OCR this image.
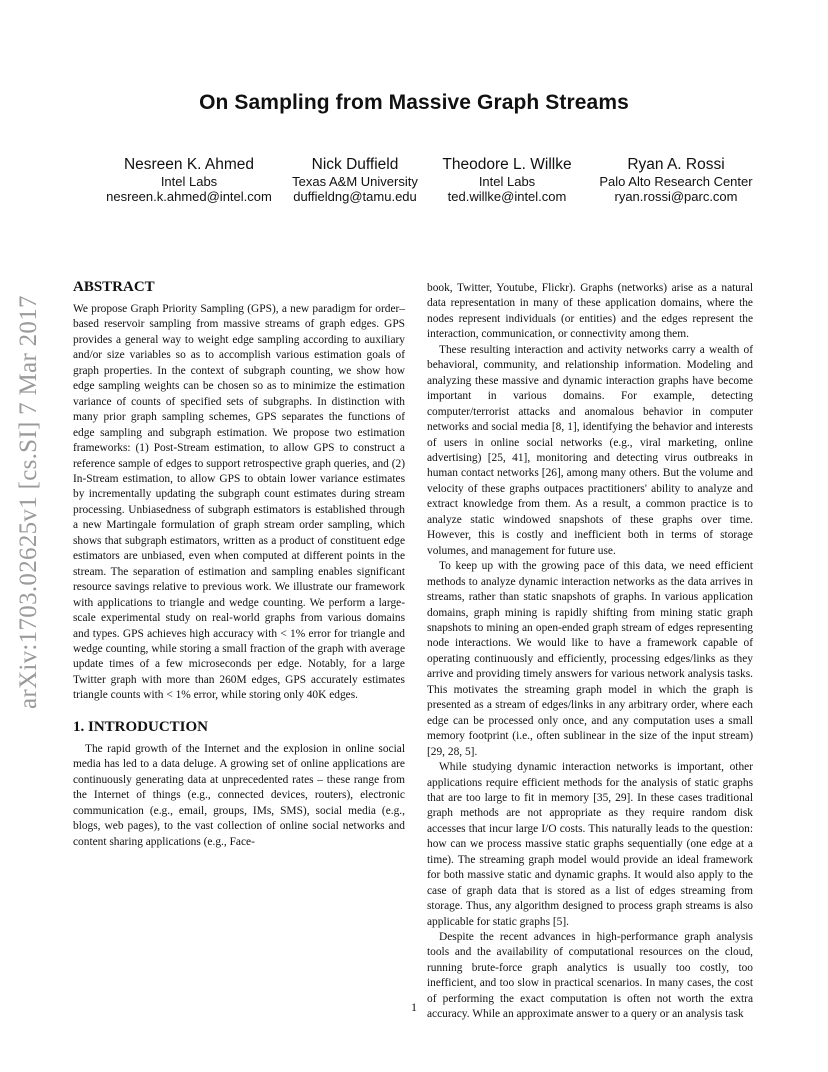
On Sampling from Massive Graph Streams
Nesreen K. Ahmed
Intel Labs
nesreen.k.ahmed@intel.com
Nick Duffield
Texas A&M University
duffieldng@tamu.edu
Theodore L. Willke
Intel Labs
ted.willke@intel.com
Ryan A. Rossi
Palo Alto Research Center
ryan.rossi@parc.com
arXiv:1703.02625v1 [cs.SI] 7 Mar 2017
ABSTRACT

We propose Graph Priority Sampling (GPS), a new paradigm for order–based reservoir sampling from massive streams of graph edges. GPS provides a general way to weight edge sampling according to auxiliary and/or size variables so as to accomplish various estimation goals of graph properties. In the context of subgraph counting, we show how edge sampling weights can be chosen so as to minimize the estimation variance of counts of specified sets of subgraphs. In distinction with many prior graph sampling schemes, GPS separates the functions of edge sampling and subgraph estimation. We propose two estimation frameworks: (1) Post-Stream estimation, to allow GPS to construct a reference sample of edges to support retrospective graph queries, and (2) In-Stream estimation, to allow GPS to obtain lower variance estimates by incrementally updating the subgraph count estimates during stream processing. Unbiasedness of subgraph estimators is established through a new Martingale formulation of graph stream order sampling, which shows that subgraph estimators, written as a product of constituent edge estimators are unbiased, even when computed at different points in the stream. The separation of estimation and sampling enables significant resource savings relative to previous work. We illustrate our framework with applications to triangle and wedge counting. We perform a large-scale experimental study on real-world graphs from various domains and types. GPS achieves high accuracy with < 1% error for triangle and wedge counting, while storing a small fraction of the graph with average update times of a few microseconds per edge. Notably, for a large Twitter graph with more than 260M edges, GPS accurately estimates triangle counts with < 1% error, while storing only 40K edges.

1. INTRODUCTION

The rapid growth of the Internet and the explosion in online social media has led to a data deluge. A growing set of online applications are continuously generating data at unprecedented rates – these range from the Internet of things (e.g., connected devices, routers), electronic communication (e.g., email, groups, IMs, SMS), social media (e.g., blogs, web pages), to the vast collection of online social networks and content sharing applications (e.g., Face-

book, Twitter, Youtube, Flickr). Graphs (networks) arise as a natural data representation in many of these application domains, where the nodes represent individuals (or entities) and the edges represent the interaction, communication, or connectivity among them.

These resulting interaction and activity networks carry a wealth of behavioral, community, and relationship information. Modeling and analyzing these massive and dynamic interaction graphs have become important in various domains. For example, detecting computer/terrorist attacks and anomalous behavior in computer networks and social media [8, 1], identifying the behavior and interests of users in online social networks (e.g., viral marketing, online advertising) [25, 41], monitoring and detecting virus outbreaks in human contact networks [26], among many others. But the volume and velocity of these graphs outpaces practitioners' ability to analyze and extract knowledge from them. As a result, a common practice is to analyze static windowed snapshots of these graphs over time. However, this is costly and inefficient both in terms of storage volumes, and management for future use.

To keep up with the growing pace of this data, we need efficient methods to analyze dynamic interaction networks as the data arrives in streams, rather than static snapshots of graphs. In various application domains, graph mining is rapidly shifting from mining static graph snapshots to mining an open-ended graph stream of edges representing node interactions. We would like to have a framework capable of operating continuously and efficiently, processing edges/links as they arrive and providing timely answers for various network analysis tasks. This motivates the streaming graph model in which the graph is presented as a stream of edges/links in any arbitrary order, where each edge can be processed only once, and any computation uses a small memory footprint (i.e., often sublinear in the size of the input stream) [29, 28, 5].

While studying dynamic interaction networks is important, other applications require efficient methods for the analysis of static graphs that are too large to fit in memory [35, 29]. In these cases traditional graph methods are not appropriate as they require random disk accesses that incur large I/O costs. This naturally leads to the question: how can we process massive static graphs sequentially (one edge at a time). The streaming graph model would provide an ideal framework for both massive static and dynamic graphs. It would also apply to the case of graph data that is stored as a list of edges streaming from storage. Thus, any algorithm designed to process graph streams is also applicable for static graphs [5].

Despite the recent advances in high-performance graph analysis tools and the availability of computational resources on the cloud, running brute-force graph analytics is usually too costly, too inefficient, and too slow in practical scenarios. In many cases, the cost of performing the exact computation is often not worth the extra accuracy. While an approximate answer to a query or an analysis task

1
